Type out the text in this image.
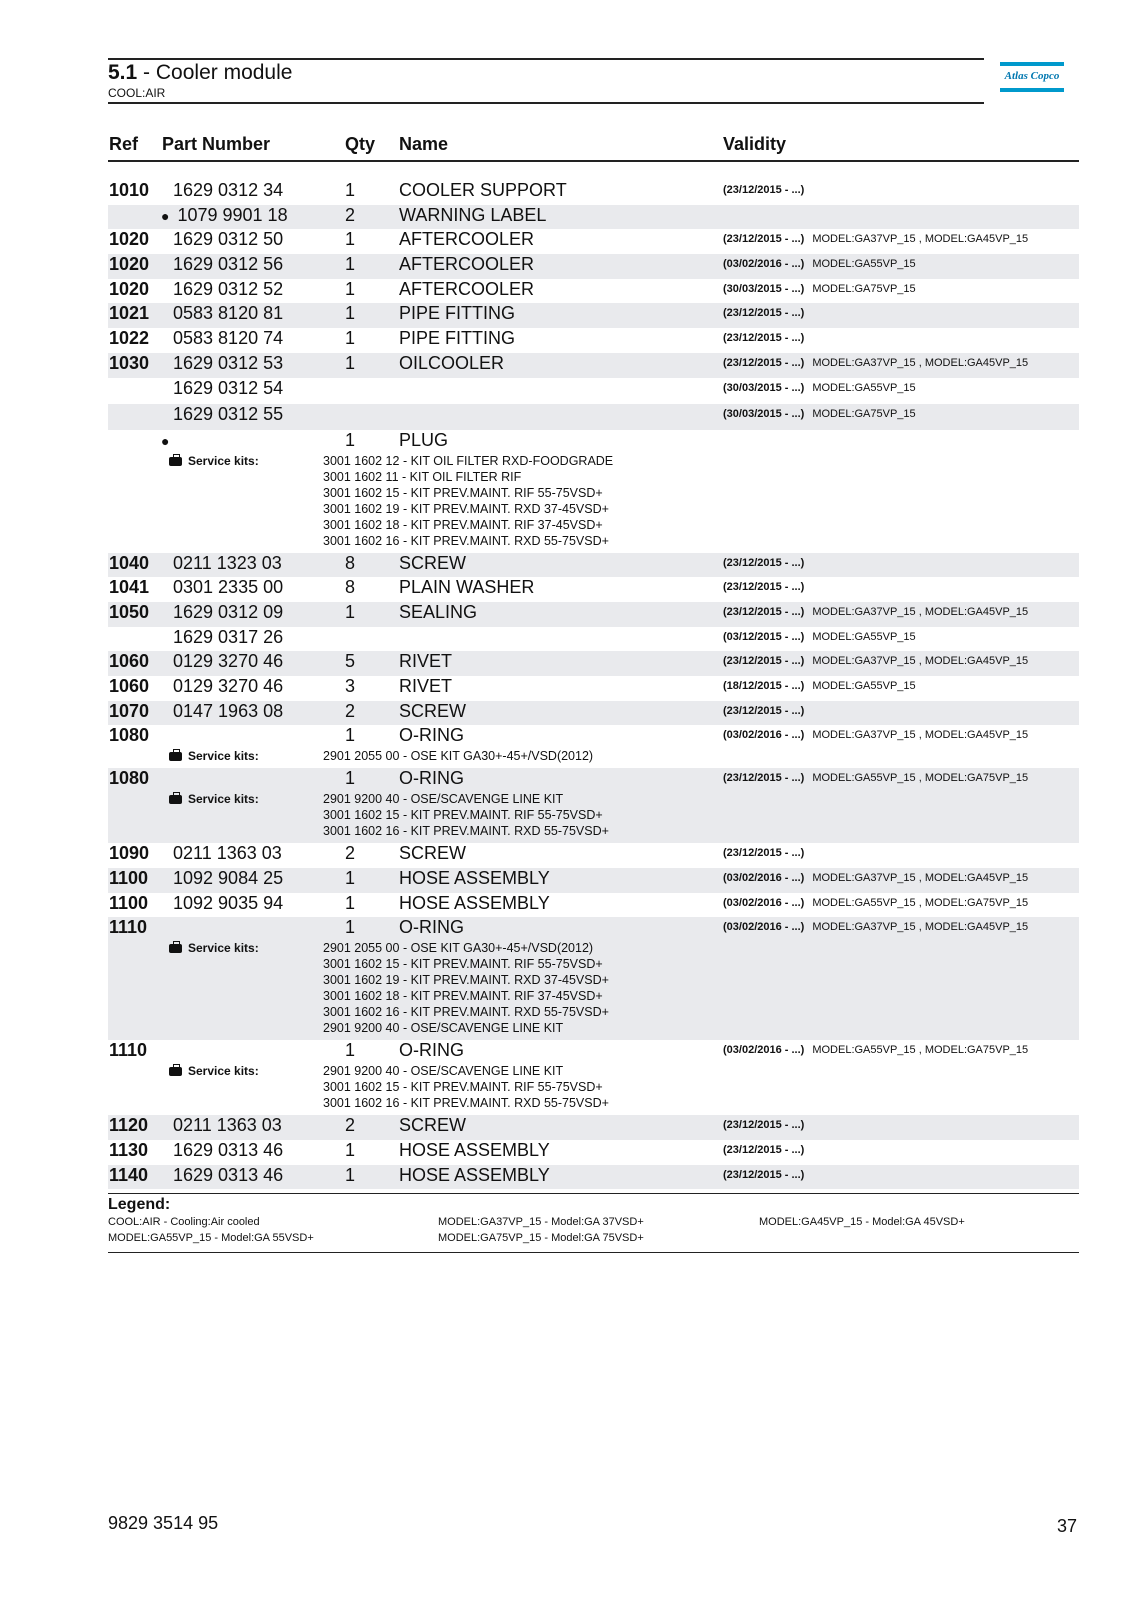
5.1 - Cooler module
COOL:AIR
Atlas Copco
Ref Part Number	Qty Name	Validity
1010 1629 0312 34	1 COOLER SUPPORT	(23/12/2015 - ...)
● 1079 9901 18	2 WARNING LABEL
1020 1629 0312 50	1 AFTERCOOLER	(23/12/2015 - ...) MODEL:GA37VP_15 , MODEL:GA45VP_15
1020 1629 0312 56	1 AFTERCOOLER	(03/02/2016 - ...) MODEL:GA55VP_15
1020 1629 0312 52	1 AFTERCOOLER	(30/03/2015 - ...) MODEL:GA75VP_15
1021 0583 8120 81	1 PIPE FITTING	(23/12/2015 - ...)
1022 0583 8120 74	1 PIPE FITTING	(23/12/2015 - ...)
1030 1629 0312 53	1 OILCOOLER	(23/12/2015 - ...) MODEL:GA37VP_15 , MODEL:GA45VP_15
1629 0312 54	(30/03/2015 - ...) MODEL:GA55VP_15
1629 0312 55	(30/03/2015 - ...) MODEL:GA75VP_15
●	1 PLUG
Service kits:	3001 1602 12 - KIT OIL FILTER RXD-FOODGRADE
3001 1602 11 - KIT OIL FILTER RIF
3001 1602 15 - KIT PREV.MAINT. RIF 55-75VSD+
3001 1602 19 - KIT PREV.MAINT. RXD 37-45VSD+
3001 1602 18 - KIT PREV.MAINT. RIF 37-45VSD+
3001 1602 16 - KIT PREV.MAINT. RXD 55-75VSD+
1040 0211 1323 03	8 SCREW	(23/12/2015 - ...)
1041 0301 2335 00	8 PLAIN WASHER	(23/12/2015 - ...)
1050 1629 0312 09	1 SEALING	(23/12/2015 - ...) MODEL:GA37VP_15 , MODEL:GA45VP_15
1629 0317 26	(03/12/2015 - ...) MODEL:GA55VP_15
1060 0129 3270 46	5 RIVET	(23/12/2015 - ...) MODEL:GA37VP_15 , MODEL:GA45VP_15
1060 0129 3270 46	3 RIVET	(18/12/2015 - ...) MODEL:GA55VP_15
1070 0147 1963 08	2 SCREW	(23/12/2015 - ...)
1080	1 O-RING	(03/02/2016 - ...) MODEL:GA37VP_15 , MODEL:GA45VP_15
Service kits:	2901 2055 00 - OSE KIT GA30+-45+/VSD(2012)
1080	1 O-RING	(23/12/2015 - ...) MODEL:GA55VP_15 , MODEL:GA75VP_15
Service kits:	2901 9200 40 - OSE/SCAVENGE LINE KIT
3001 1602 15 - KIT PREV.MAINT. RIF 55-75VSD+
3001 1602 16 - KIT PREV.MAINT. RXD 55-75VSD+
1090 0211 1363 03	2 SCREW	(23/12/2015 - ...)
1100 1092 9084 25	1 HOSE ASSEMBLY	(03/02/2016 - ...) MODEL:GA37VP_15 , MODEL:GA45VP_15
1100 1092 9035 94	1 HOSE ASSEMBLY	(03/02/2016 - ...) MODEL:GA55VP_15 , MODEL:GA75VP_15
1110	1 O-RING	(03/02/2016 - ...) MODEL:GA37VP_15 , MODEL:GA45VP_15
Service kits:	2901 2055 00 - OSE KIT GA30+-45+/VSD(2012)
3001 1602 15 - KIT PREV.MAINT. RIF 55-75VSD+
3001 1602 19 - KIT PREV.MAINT. RXD 37-45VSD+
3001 1602 18 - KIT PREV.MAINT. RIF 37-45VSD+
3001 1602 16 - KIT PREV.MAINT. RXD 55-75VSD+
2901 9200 40 - OSE/SCAVENGE LINE KIT
1110	1 O-RING	(03/02/2016 - ...) MODEL:GA55VP_15 , MODEL:GA75VP_15
Service kits:	2901 9200 40 - OSE/SCAVENGE LINE KIT
3001 1602 15 - KIT PREV.MAINT. RIF 55-75VSD+
3001 1602 16 - KIT PREV.MAINT. RXD 55-75VSD+
1120 0211 1363 03	2 SCREW	(23/12/2015 - ...)
1130 1629 0313 46	1 HOSE ASSEMBLY	(23/12/2015 - ...)
1140 1629 0313 46	1 HOSE ASSEMBLY	(23/12/2015 - ...)
Legend:
COOL:AIR - Cooling:Air cooled	MODEL:GA37VP_15 - Model:GA 37VSD+	MODEL:GA45VP_15 - Model:GA 45VSD+
MODEL:GA55VP_15 - Model:GA 55VSD+	MODEL:GA75VP_15 - Model:GA 75VSD+
9829 3514 95	37
